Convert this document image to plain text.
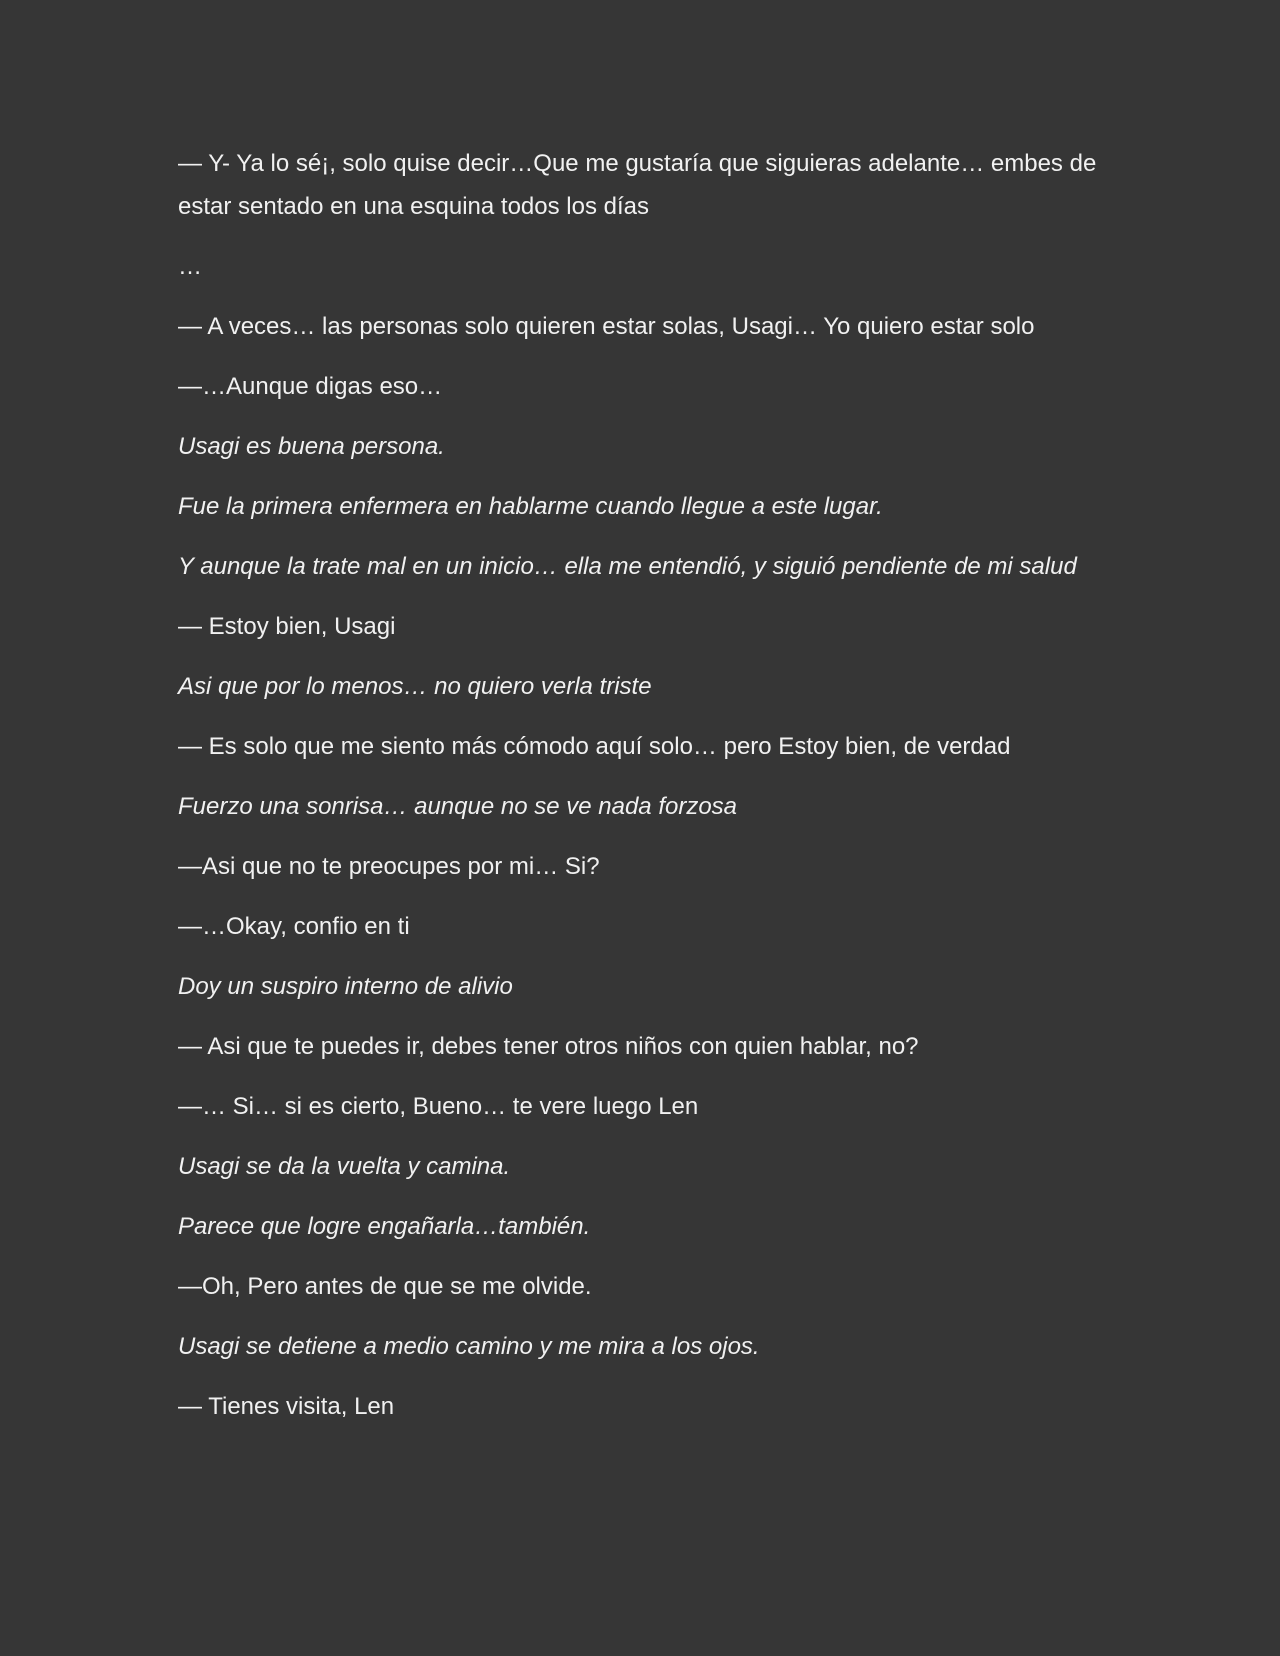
— Y- Ya lo sé¡, solo quise decir…Que me gustaría que siguieras adelante… embes de estar sentado en una esquina todos los días

…

— A veces… las personas solo quieren estar solas, Usagi… Yo quiero estar solo

—…Aunque digas eso…

Usagi es buena persona.

Fue la primera enfermera en hablarme cuando llegue a este lugar.

Y aunque la trate mal en un inicio… ella me entendió, y siguió pendiente de mi salud

— Estoy bien, Usagi

Asi que por lo menos… no quiero verla triste

— Es solo que me siento más cómodo aquí solo… pero Estoy bien, de verdad

Fuerzo una sonrisa… aunque no se ve nada forzosa

—Asi que no te preocupes por mi… Si?

—…Okay, confio en ti

Doy un suspiro interno de alivio

— Asi que te puedes ir, debes tener otros niños con quien hablar, no?

—… Si… si es cierto, Bueno… te vere luego Len

Usagi se da la vuelta y camina.

Parece que logre engañarla…también.

—Oh, Pero antes de que se me olvide.

Usagi se detiene a medio camino y me mira a los ojos.

— Tienes visita, Len
